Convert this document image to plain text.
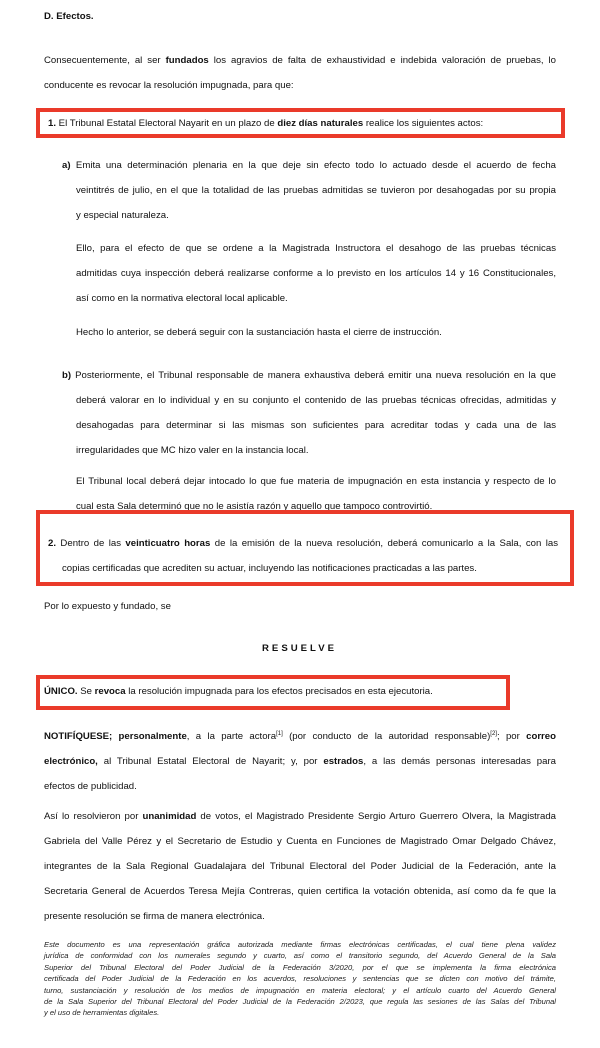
D. Efectos.
Consecuentemente, al ser fundados los agravios de falta de exhaustividad e indebida valoración de pruebas, lo
conducente es revocar la resolución impugnada, para que:
1. El Tribunal Estatal Electoral Nayarit en un plazo de diez días naturales realice los siguientes actos:
a) Emita una determinación plenaria en la que deje sin efecto todo lo actuado desde el acuerdo de fecha
veintitrés de julio, en el que la totalidad de las pruebas admitidas se tuvieron por desahogadas por su propia
y especial naturaleza.
Ello, para el efecto de que se ordene a la Magistrada Instructora el desahogo de las pruebas técnicas
admitidas cuya inspección deberá realizarse conforme a lo previsto en los artículos 14 y 16 Constitucionales,
así como en la normativa electoral local aplicable.
Hecho lo anterior, se deberá seguir con la sustanciación hasta el cierre de instrucción.
b) Posteriormente, el Tribunal responsable de manera exhaustiva deberá emitir una nueva resolución en la que
deberá valorar en lo individual y en su conjunto el contenido de las pruebas técnicas ofrecidas, admitidas y
desahogadas para determinar si las mismas son suficientes para acreditar todas y cada una de las
irregularidades que MC hizo valer en la instancia local.
El Tribunal local deberá dejar intocado lo que fue materia de impugnación en esta instancia y respecto de lo
cual esta Sala determinó que no le asistía razón y aquello que tampoco controvirtió.
2. Dentro de las veinticuatro horas de la emisión de la nueva resolución, deberá comunicarlo a la Sala, con las
copias certificadas que acrediten su actuar, incluyendo las notificaciones practicadas a las partes.
Por lo expuesto y fundado, se
RESUELVE
ÚNICO. Se revoca la resolución impugnada para los efectos precisados en esta ejecutoria.
NOTIFÍQUESE; personalmente, a la parte actora[1] (por conducto de la autoridad responsable)[2]; por correo
electrónico, al Tribunal Estatal Electoral de Nayarit; y, por estrados, a las demás personas interesadas para
efectos de publicidad.
Así lo resolvieron por unanimidad de votos, el Magistrado Presidente Sergio Arturo Guerrero Olvera, la Magistrada
Gabriela del Valle Pérez y el Secretario de Estudio y Cuenta en Funciones de Magistrado Omar Delgado Chávez,
integrantes de la Sala Regional Guadalajara del Tribunal Electoral del Poder Judicial de la Federación, ante la
Secretaria General de Acuerdos Teresa Mejía Contreras, quien certifica la votación obtenida, así como da fe que la
presente resolución se firma de manera electrónica.
Este documento es una representación gráfica autorizada mediante firmas electrónicas certificadas, el cual tiene plena validez
jurídica de conformidad con los numerales segundo y cuarto, así como el transitorio segundo, del Acuerdo General de la Sala
Superior del Tribunal Electoral del Poder Judicial de la Federación 3/2020, por el que se implementa la firma electrónica
certificada del Poder Judicial de la Federación en los acuerdos, resoluciones y sentencias que se dicten con motivo del trámite,
turno, sustanciación y resolución de los medios de impugnación en materia electoral; y el artículo cuarto del Acuerdo General
de la Sala Superior del Tribunal Electoral del Poder Judicial de la Federación 2/2023, que regula las sesiones de las Salas del Tribunal
y el uso de herramientas digitales.
